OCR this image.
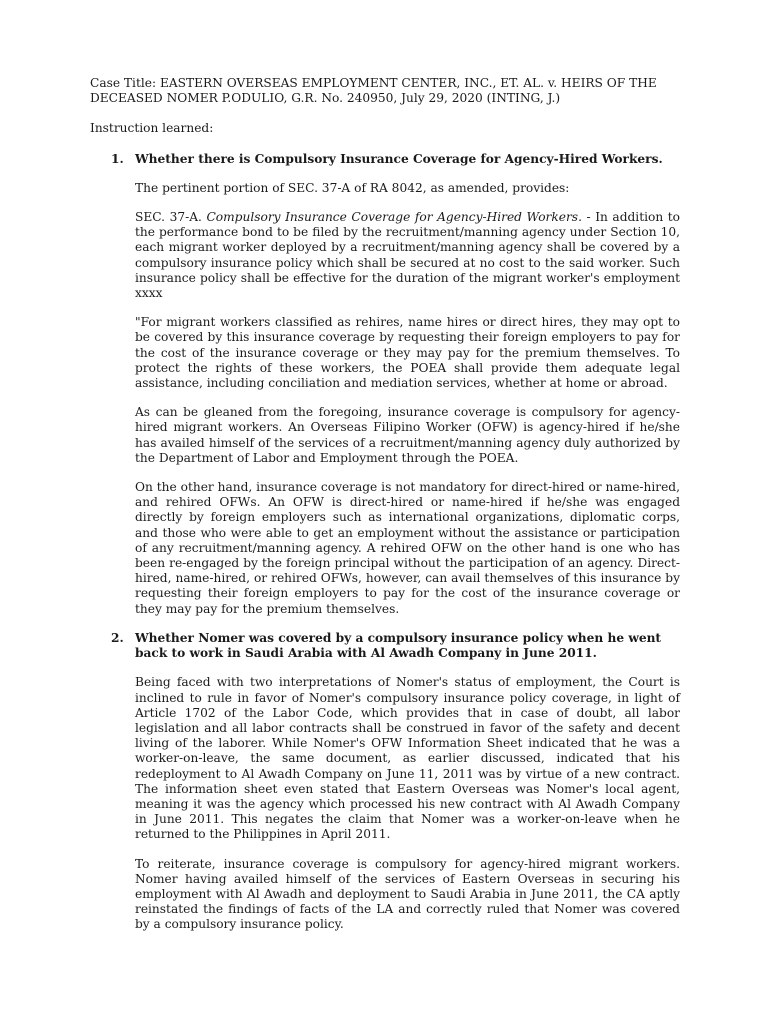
Case Title: EASTERN OVERSEAS EMPLOYMENT CENTER, INC., ET. AL. v. HEIRS OF THE DECEASED NOMER P.ODULIO, G.R. No. 240950, July 29, 2020 (INTING, J.)

Instruction learned:

1. Whether there is Compulsory Insurance Coverage for Agency-Hired Workers.

The pertinent portion of SEC. 37-A of RA 8042, as amended, provides:

SEC. 37-A. Compulsory Insurance Coverage for Agency-Hired Workers. - In addition to the performance bond to be filed by the recruitment/manning agency under Section 10, each migrant worker deployed by a recruitment/manning agency shall be covered by a compulsory insurance policy which shall be secured at no cost to the said worker. Such insurance policy shall be effective for the duration of the migrant worker's employment xxxx

"For migrant workers classified as rehires, name hires or direct hires, they may opt to be covered by this insurance coverage by requesting their foreign employers to pay for the cost of the insurance coverage or they may pay for the premium themselves. To protect the rights of these workers, the POEA shall provide them adequate legal assistance, including conciliation and mediation services, whether at home or abroad.

As can be gleaned from the foregoing, insurance coverage is compulsory for agency-hired migrant workers. An Overseas Filipino Worker (OFW) is agency-hired if he/she has availed himself of the services of a recruitment/manning agency duly authorized by the Department of Labor and Employment through the POEA.

On the other hand, insurance coverage is not mandatory for direct-hired or name-hired, and rehired OFWs. An OFW is direct-hired or name-hired if he/she was engaged directly by foreign employers such as international organizations, diplomatic corps, and those who were able to get an employment without the assistance or participation of any recruitment/manning agency. A rehired OFW on the other hand is one who has been re-engaged by the foreign principal without the participation of an agency. Direct-hired, name-hired, or rehired OFWs, however, can avail themselves of this insurance by requesting their foreign employers to pay for the cost of the insurance coverage or they may pay for the premium themselves.

2. Whether Nomer was covered by a compulsory insurance policy when he went back to work in Saudi Arabia with Al Awadh Company in June 2011.

Being faced with two interpretations of Nomer's status of employment, the Court is inclined to rule in favor of Nomer's compulsory insurance policy coverage, in light of Article 1702 of the Labor Code, which provides that in case of doubt, all labor legislation and all labor contracts shall be construed in favor of the safety and decent living of the laborer. While Nomer's OFW Information Sheet indicated that he was a worker-on-leave, the same document, as earlier discussed, indicated that his redeployment to Al Awadh Company on June 11, 2011 was by virtue of a new contract. The information sheet even stated that Eastern Overseas was Nomer's local agent, meaning it was the agency which processed his new contract with Al Awadh Company in June 2011. This negates the claim that Nomer was a worker-on-leave when he returned to the Philippines in April 2011.

To reiterate, insurance coverage is compulsory for agency-hired migrant workers. Nomer having availed himself of the services of Eastern Overseas in securing his employment with Al Awadh and deployment to Saudi Arabia in June 2011, the CA aptly reinstated the findings of facts of the LA and correctly ruled that Nomer was covered by a compulsory insurance policy.
